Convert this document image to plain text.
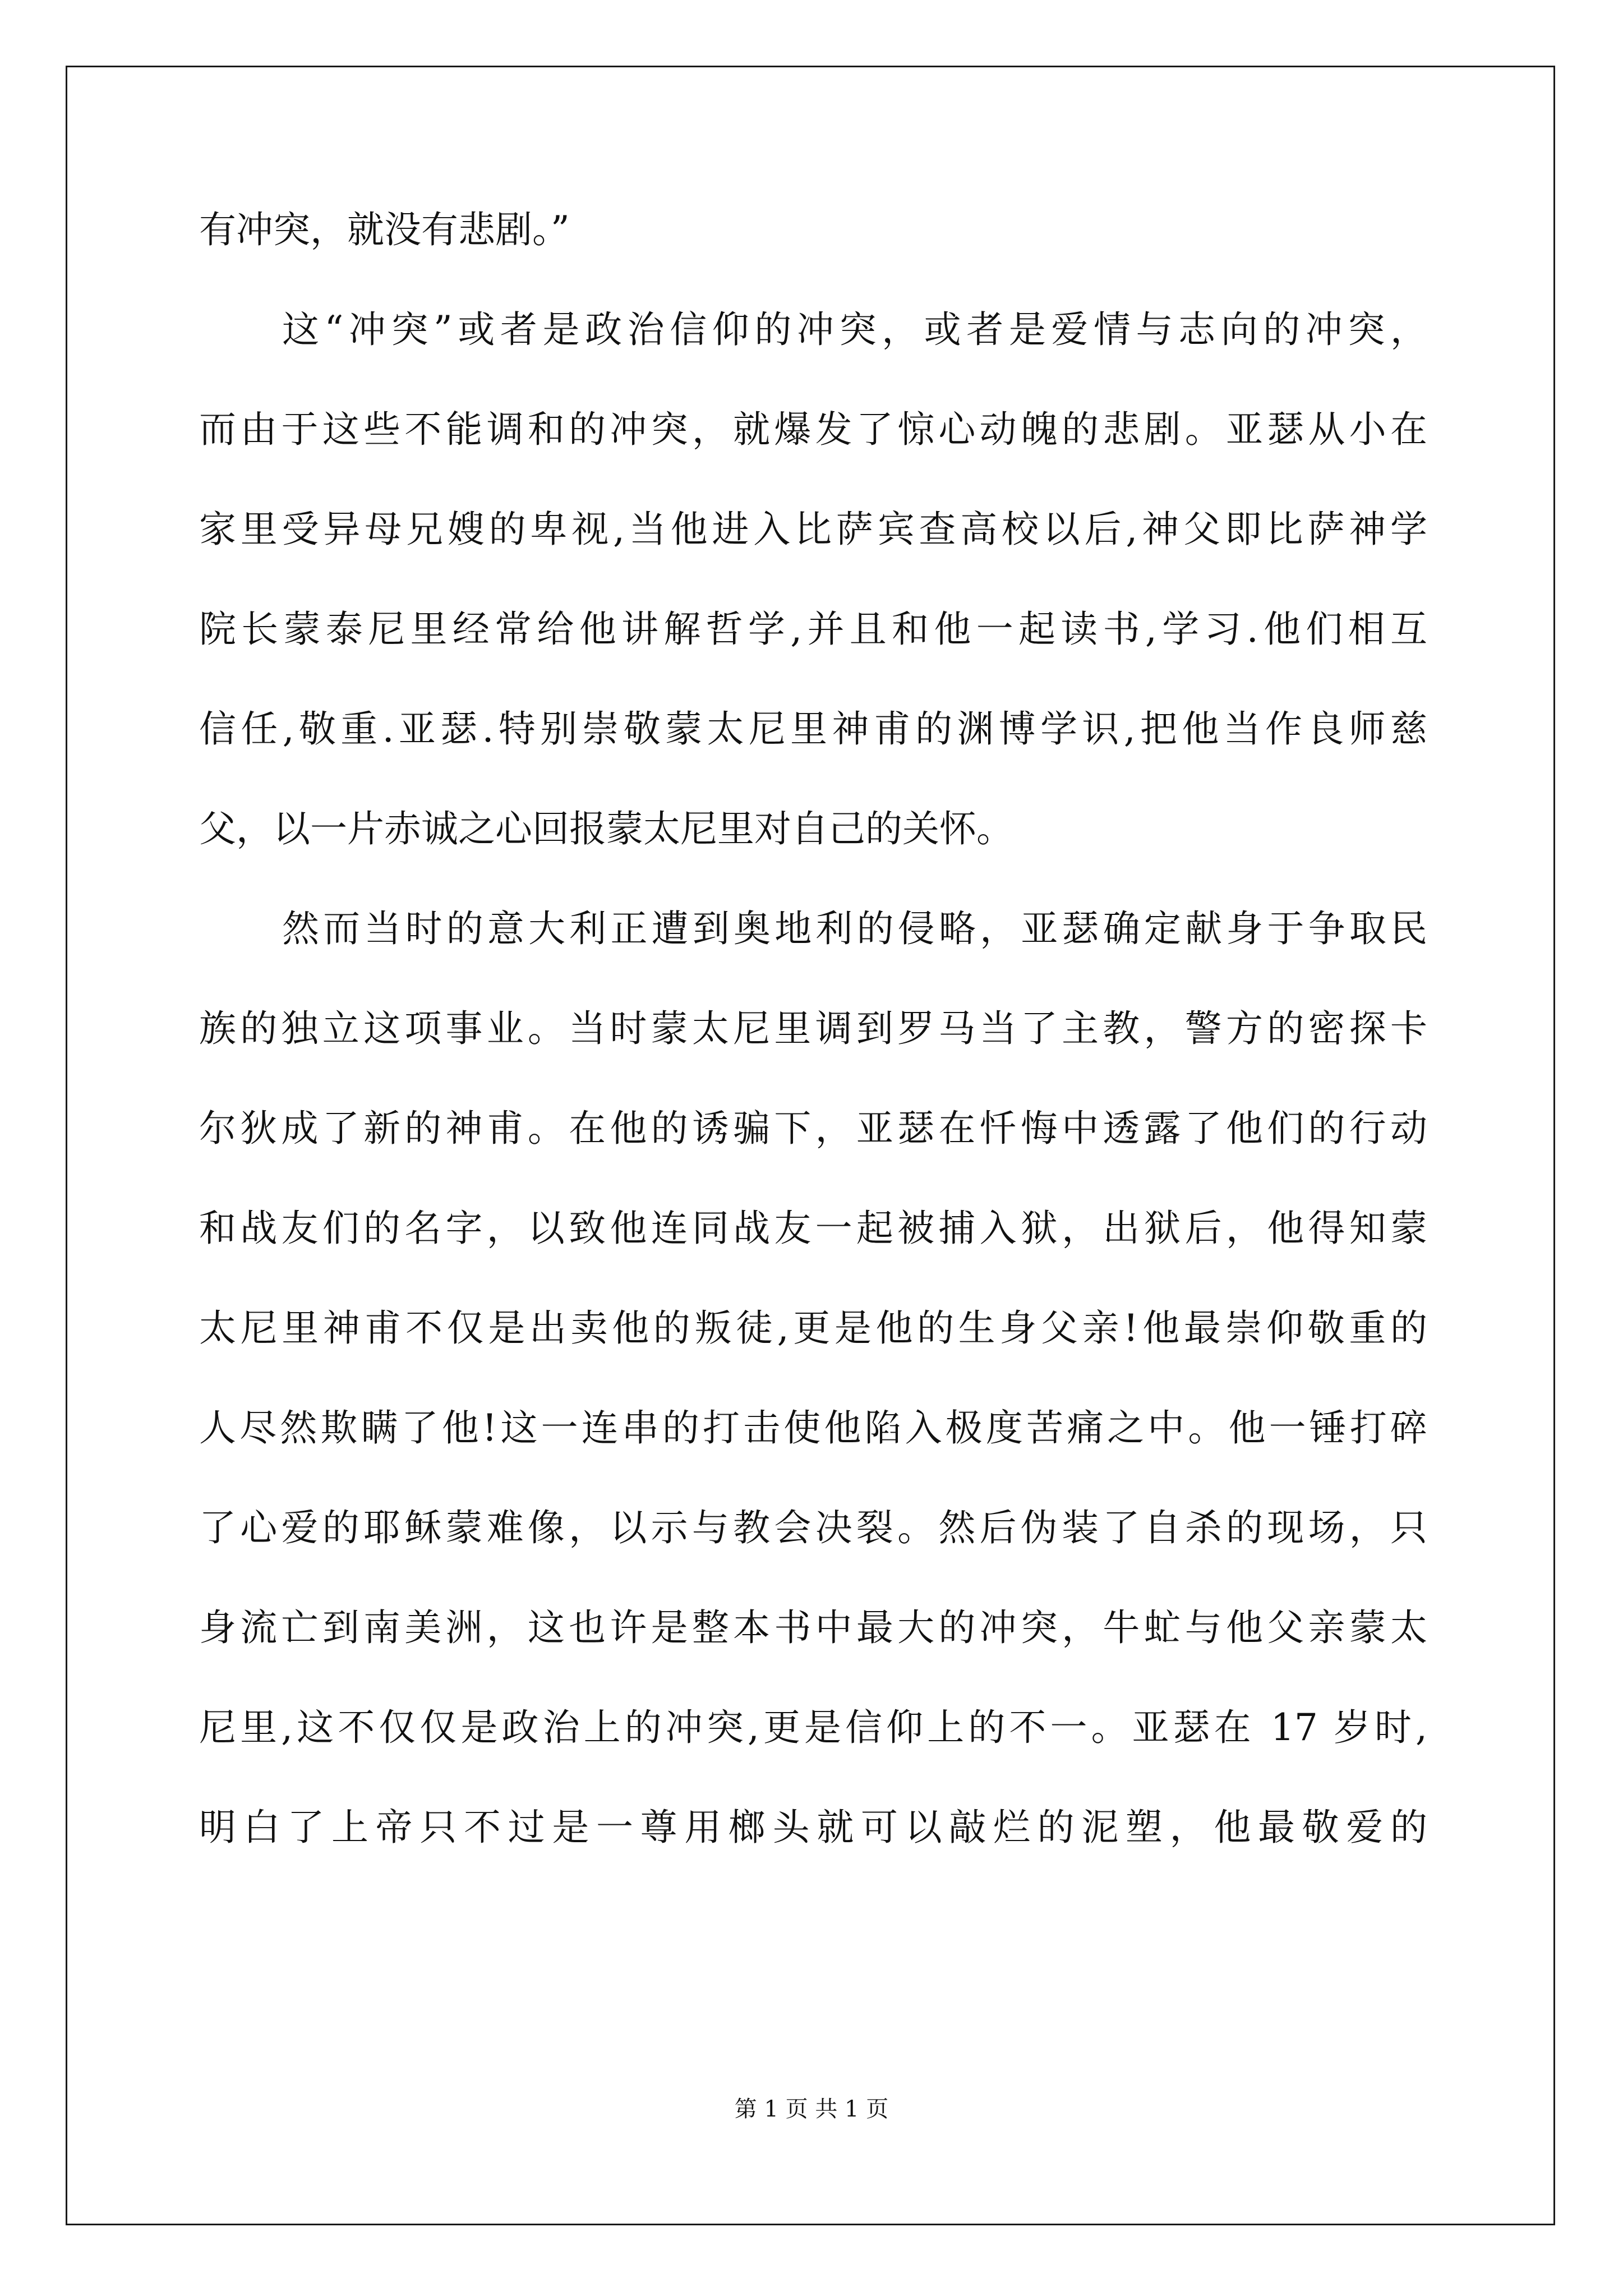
有冲突，就没有悲剧。”
这“冲突”或者是政治信仰的冲突，或者是爱情与志向的冲突，
而由于这些不能调和的冲突，就爆发了惊心动魄的悲剧。亚瑟从小在
家里受异母兄嫂的卑视,当他进入比萨宾查高校以后,神父即比萨神学
院长蒙泰尼里经常给他讲解哲学,并且和他一起读书,学习.他们相互
信任,敬重.亚瑟.特别崇敬蒙太尼里神甫的渊博学识,把他当作良师慈
父，以一片赤诚之心回报蒙太尼里对自己的关怀。
然而当时的意大利正遭到奥地利的侵略，亚瑟确定献身于争取民
族的独立这项事业。当时蒙太尼里调到罗马当了主教，警方的密探卡
尔狄成了新的神甫。在他的诱骗下，亚瑟在忏悔中透露了他们的行动
和战友们的名字，以致他连同战友一起被捕入狱，出狱后，他得知蒙
太尼里神甫不仅是出卖他的叛徒,更是他的生身父亲!他最崇仰敬重的
人尽然欺瞒了他!这一连串的打击使他陷入极度苦痛之中。他一锤打碎
了心爱的耶稣蒙难像，以示与教会决裂。然后伪装了自杀的现场，只
身流亡到南美洲，这也许是整本书中最大的冲突，牛虻与他父亲蒙太
尼里,这不仅仅是政治上的冲突,更是信仰上的不一。亚瑟在 17 岁时,
明白了上帝只不过是一尊用榔头就可以敲烂的泥塑，他最敬爱的
第 1 页 共 1 页
